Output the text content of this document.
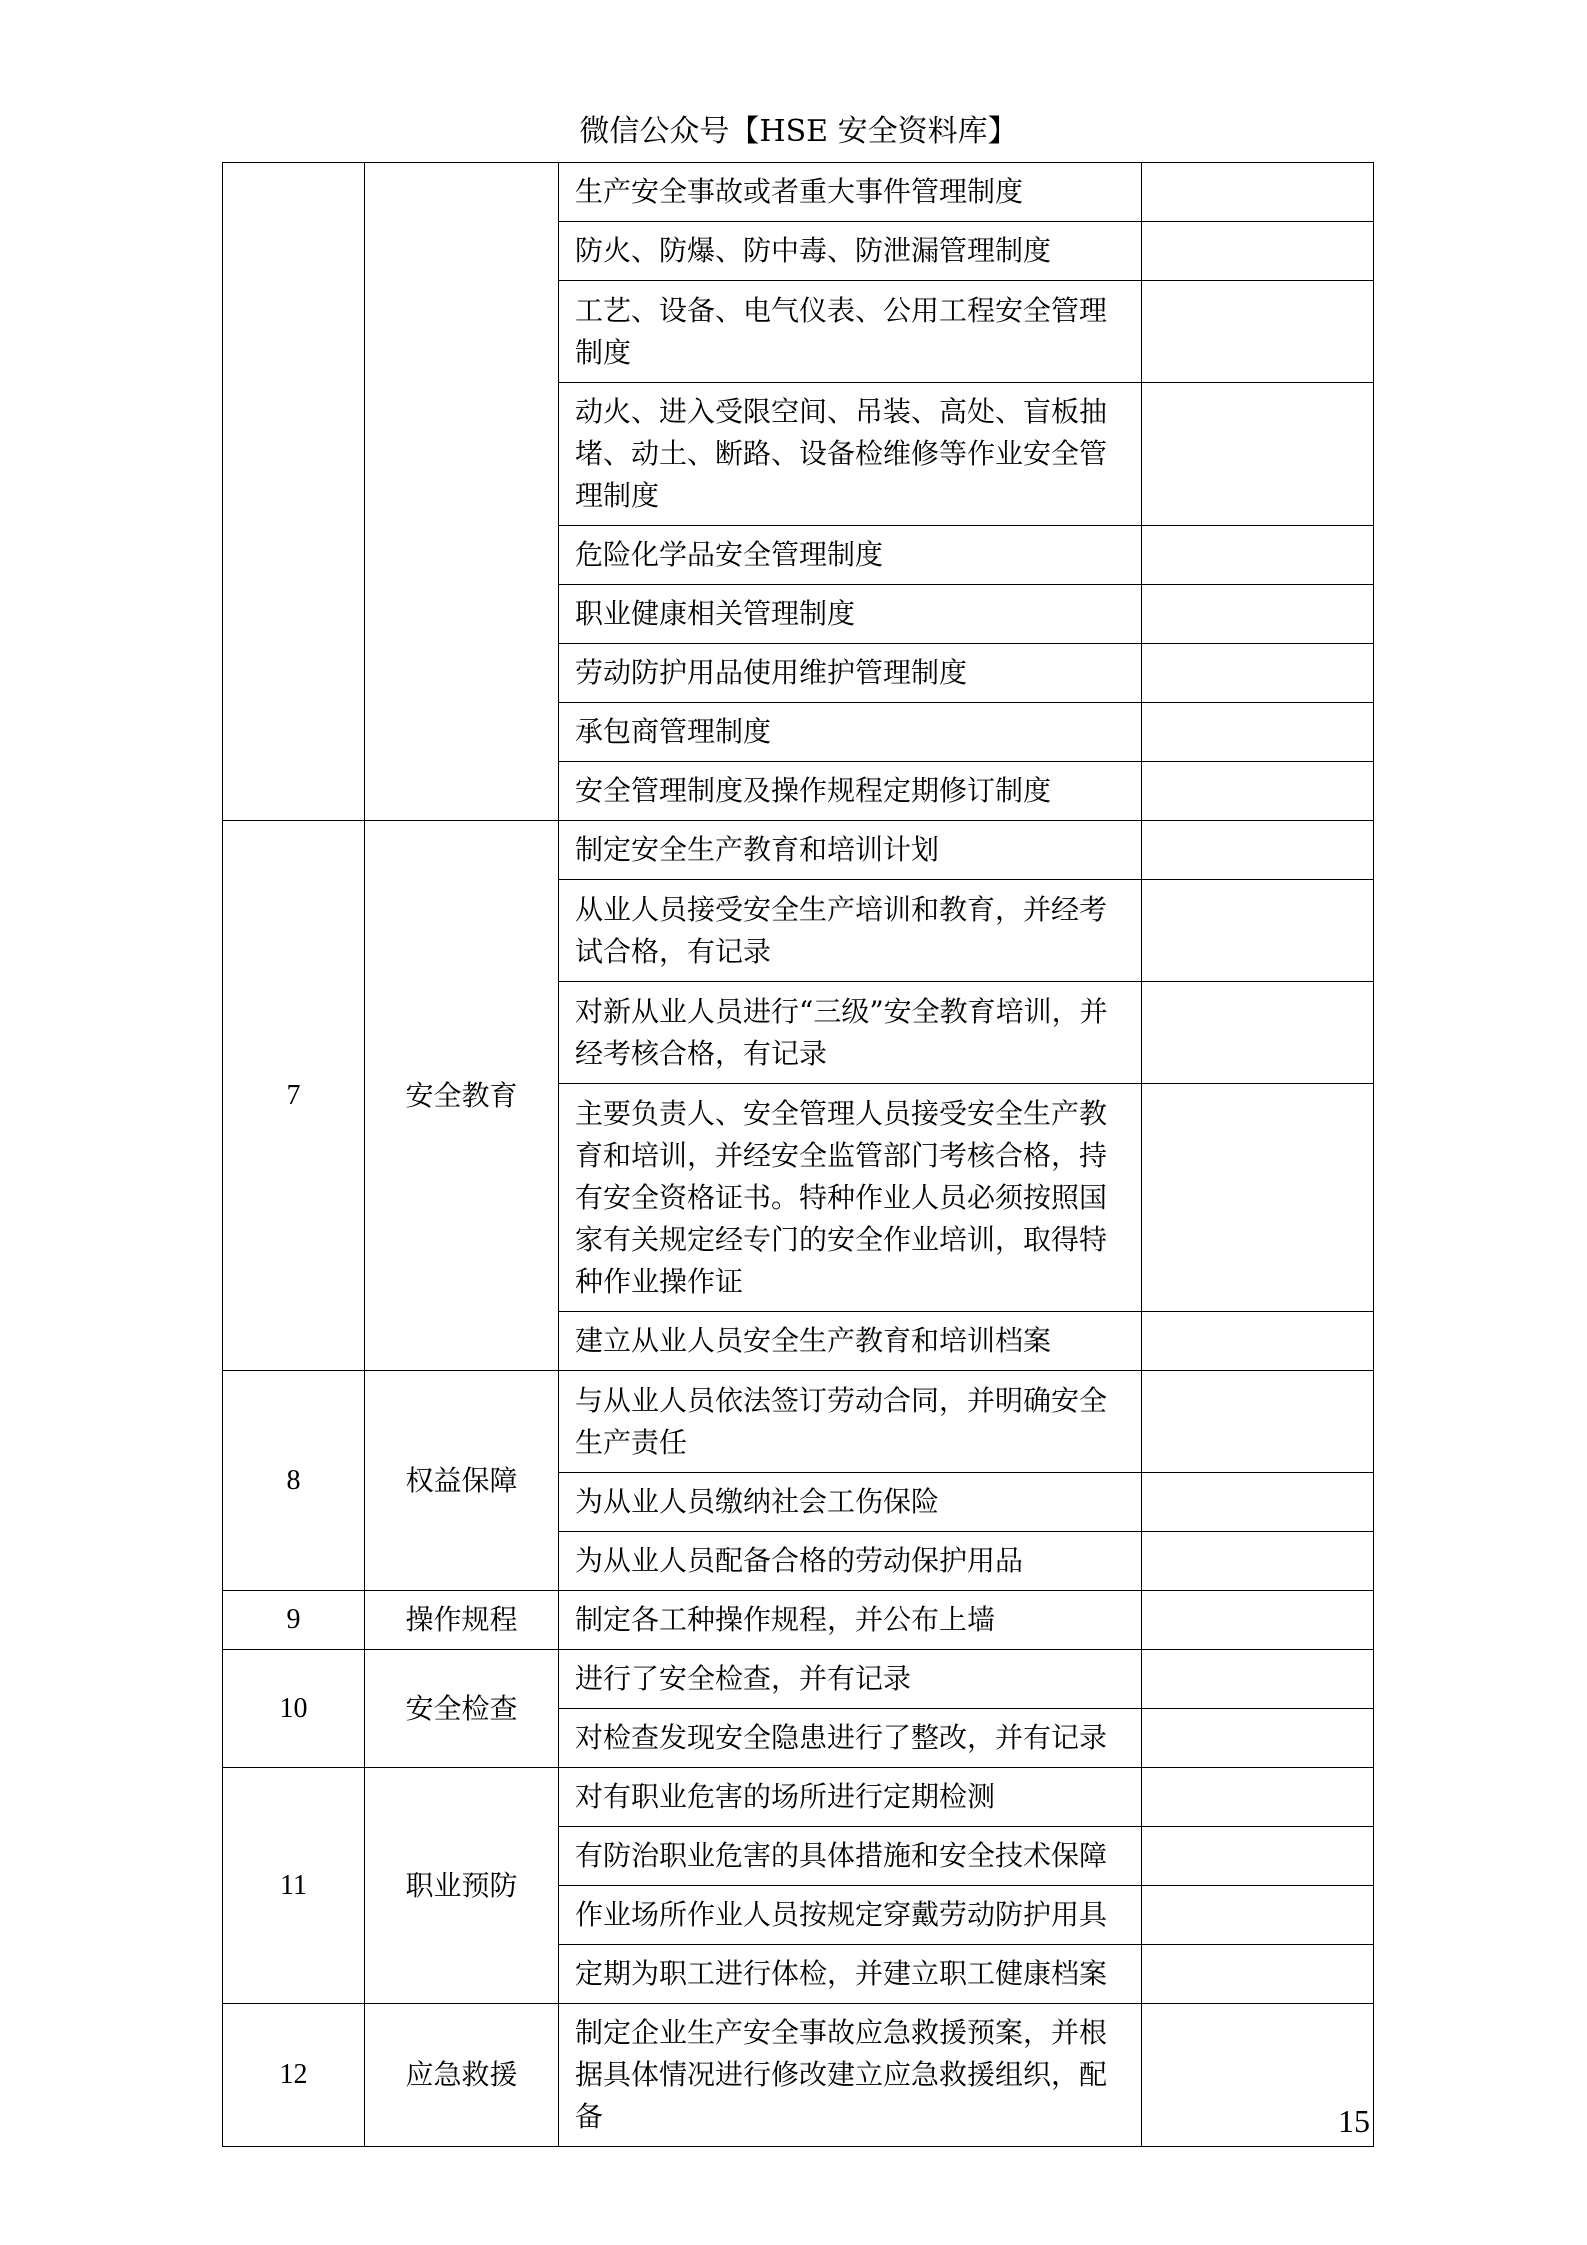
微信公众号【HSE 安全资料库】
		生产安全事故或者重大事件管理制度	
		防火、防爆、防中毒、防泄漏管理制度	
		工艺、设备、电气仪表、公用工程安全管理制度	
		动火、进入受限空间、吊装、高处、盲板抽堵、动土、断路、设备检维修等作业安全管理制度	
		危险化学品安全管理制度	
		职业健康相关管理制度	
		劳动防护用品使用维护管理制度	
		承包商管理制度	
		安全管理制度及操作规程定期修订制度	
7	安全教育	制定安全生产教育和培训计划	
		从业人员接受安全生产培训和教育，并经考试合格，有记录	
		对新从业人员进行“三级”安全教育培训，并经考核合格，有记录	
		主要负责人、安全管理人员接受安全生产教育和培训，并经安全监管部门考核合格，持有安全资格证书。特种作业人员必须按照国家有关规定经专门的安全作业培训，取得特种作业操作证	
		建立从业人员安全生产教育和培训档案	
8	权益保障	与从业人员依法签订劳动合同，并明确安全生产责任	
		为从业人员缴纳社会工伤保险	
		为从业人员配备合格的劳动保护用品	
9	操作规程	制定各工种操作规程，并公布上墙	
10	安全检查	进行了安全检查，并有记录	
		对检查发现安全隐患进行了整改，并有记录	
11	职业预防	对有职业危害的场所进行定期检测	
		有防治职业危害的具体措施和安全技术保障	
		作业场所作业人员按规定穿戴劳动防护用具	
		定期为职工进行体检，并建立职工健康档案	
12	应急救援	制定企业生产安全事故应急救援预案，并根据具体情况进行修改建立应急救援组织，配备		15
